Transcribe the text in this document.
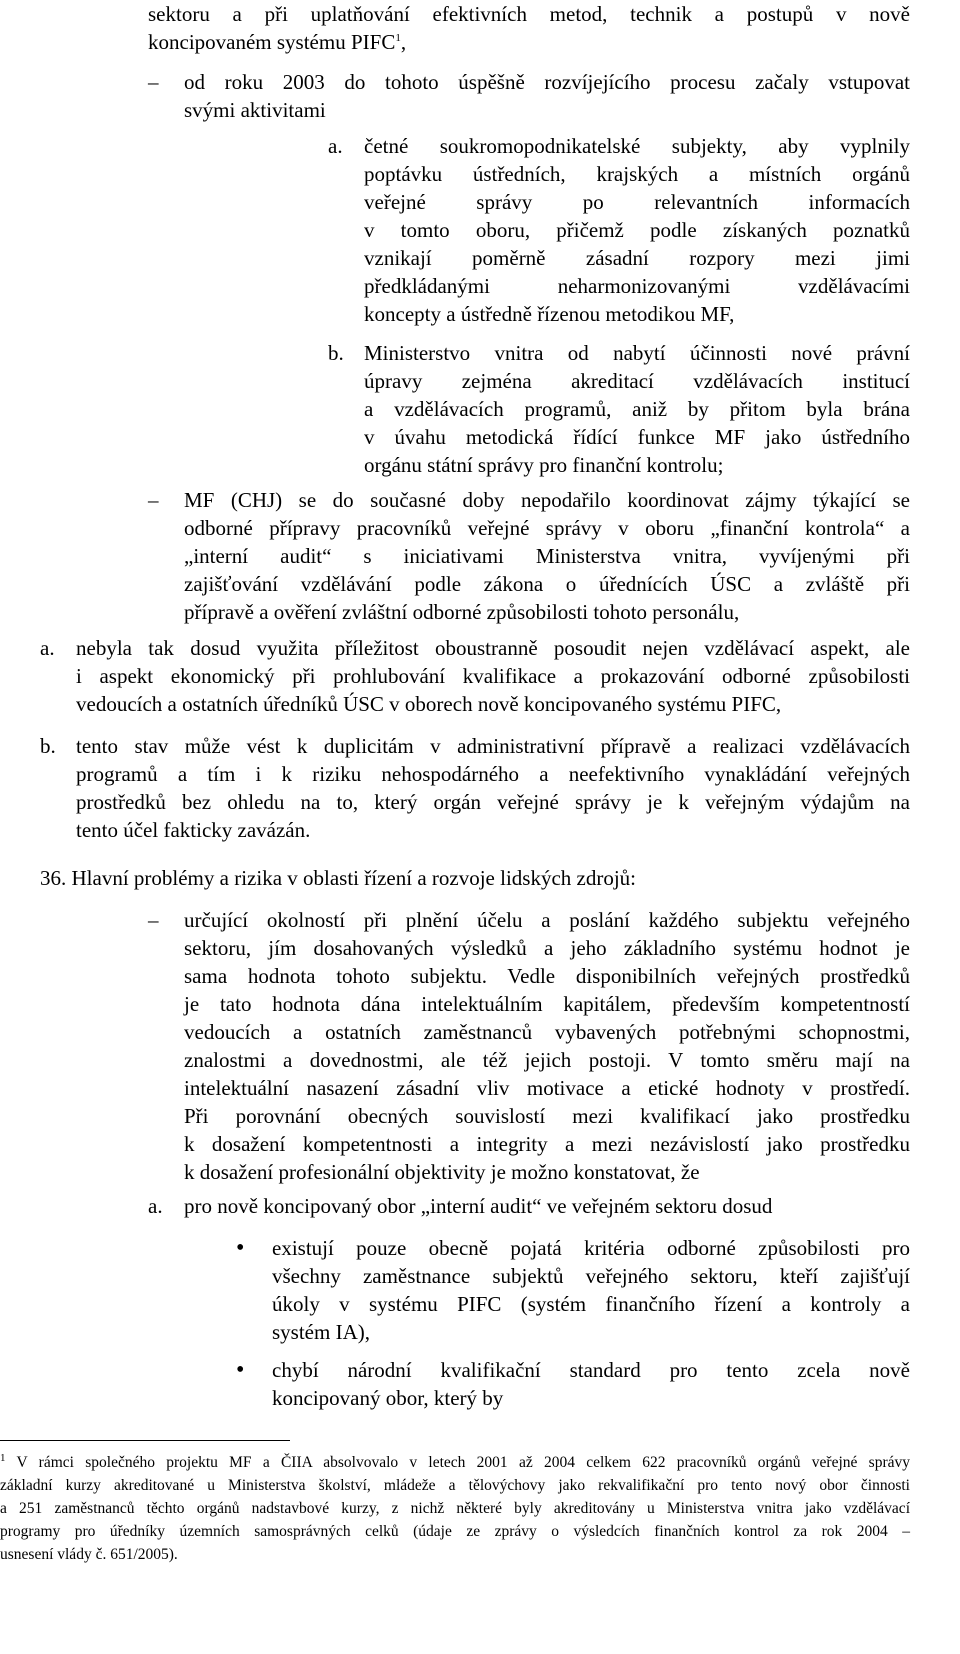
sektoru a při uplatňování efektivních metod, technik a postupů v nově
koncipovaném systému PIFC$^1$,
– od roku 2003 do tohoto úspěšně rozvíjejícího procesu začaly vstupovat
svými aktivitami
a. četné soukromopodnikatelské subjekty, aby vyplnily
poptávku ústředních, krajských a místních orgánů
veřejné správy po relevantních informacích
v tomto oboru, přičemž podle získaných poznatků
vznikají poměrně zásadní rozpory mezi jimi
předkládanými neharmonizovanými vzdělávacími
koncepty a ústředně řízenou metodikou MF,
b. Ministerstvo vnitra od nabytí účinnosti nové právní
úpravy zejména akreditací vzdělávacích institucí
a vzdělávacích programů, aniž by přitom byla brána
v úvahu metodická řídící funkce MF jako ústředního
orgánu státní správy pro finanční kontrolu;
– MF (CHJ) se do současné doby nepodařilo koordinovat zájmy týkající se
odborné přípravy pracovníků veřejné správy v oboru „finanční kontrola“ a
„interní audit“ s iniciativami Ministerstva vnitra, vyvíjenými při
zajišťování vzdělávání podle zákona o úřednících ÚSC a zvláště při
přípravě a ověření zvláštní odborné způsobilosti tohoto personálu,
a. nebyla tak dosud využita příležitost oboustranně posoudit nejen vzdělávací aspekt, ale
i aspekt ekonomický při prohlubování kvalifikace a prokazování odborné způsobilosti
vedoucích a ostatních úředníků ÚSC v oborech nově koncipovaného systému PIFC,
b. tento stav může vést k duplicitám v administrativní přípravě a realizaci vzdělávacích
programů a tím i k riziku nehospodárného a neefektivního vynakládání veřejných
prostředků bez ohledu na to, který orgán veřejné správy je k veřejným výdajům na
tento účel fakticky zavázán.
36. Hlavní problémy a rizika v oblasti řízení a rozvoje lidských zdrojů:
– určující okolností při plnění účelu a poslání každého subjektu veřejného
sektoru, jím dosahovaných výsledků a jeho základního systému hodnot je
sama hodnota tohoto subjektu. Vedle disponibilních veřejných prostředků
je tato hodnota dána intelektuálním kapitálem, především kompetentností
vedoucích a ostatních zaměstnanců vybavených potřebnými schopnostmi,
znalostmi a dovednostmi, ale též jejich postoji. V tomto směru mají na
intelektuální nasazení zásadní vliv motivace a etické hodnoty v prostředí.
Při porovnání obecných souvislostí mezi kvalifikací jako prostředku
k dosažení kompetentnosti a integrity a mezi nezávislostí jako prostředku
k dosažení profesionální objektivity je možno konstatovat, že
a. pro nově koncipovaný obor „interní audit“ ve veřejném sektoru dosud
• existují pouze obecně pojatá kritéria odborné způsobilosti pro
všechny zaměstnance subjektů veřejného sektoru, kteří zajišťují
úkoly v systému PIFC (systém finančního řízení a kontroly a
systém IA),
• chybí národní kvalifikační standard pro tento zcela nově
koncipovaný obor, který by
$^1$ V rámci společného projektu MF a ČIIA absolvovalo v letech 2001 až 2004 celkem 622 pracovníků orgánů veřejné správy
základní kurzy akreditované u Ministerstva školství, mládeže a tělovýchovy jako rekvalifikační pro tento nový obor činnosti
a 251 zaměstnanců těchto orgánů nadstavbové kurzy, z nichž některé byly akreditovány u Ministerstva vnitra jako vzdělávací
programy pro úředníky územních samosprávných celků (údaje ze zprávy o výsledcích finančních kontrol za rok 2004 –
usnesení vlády č. 651/2005).
